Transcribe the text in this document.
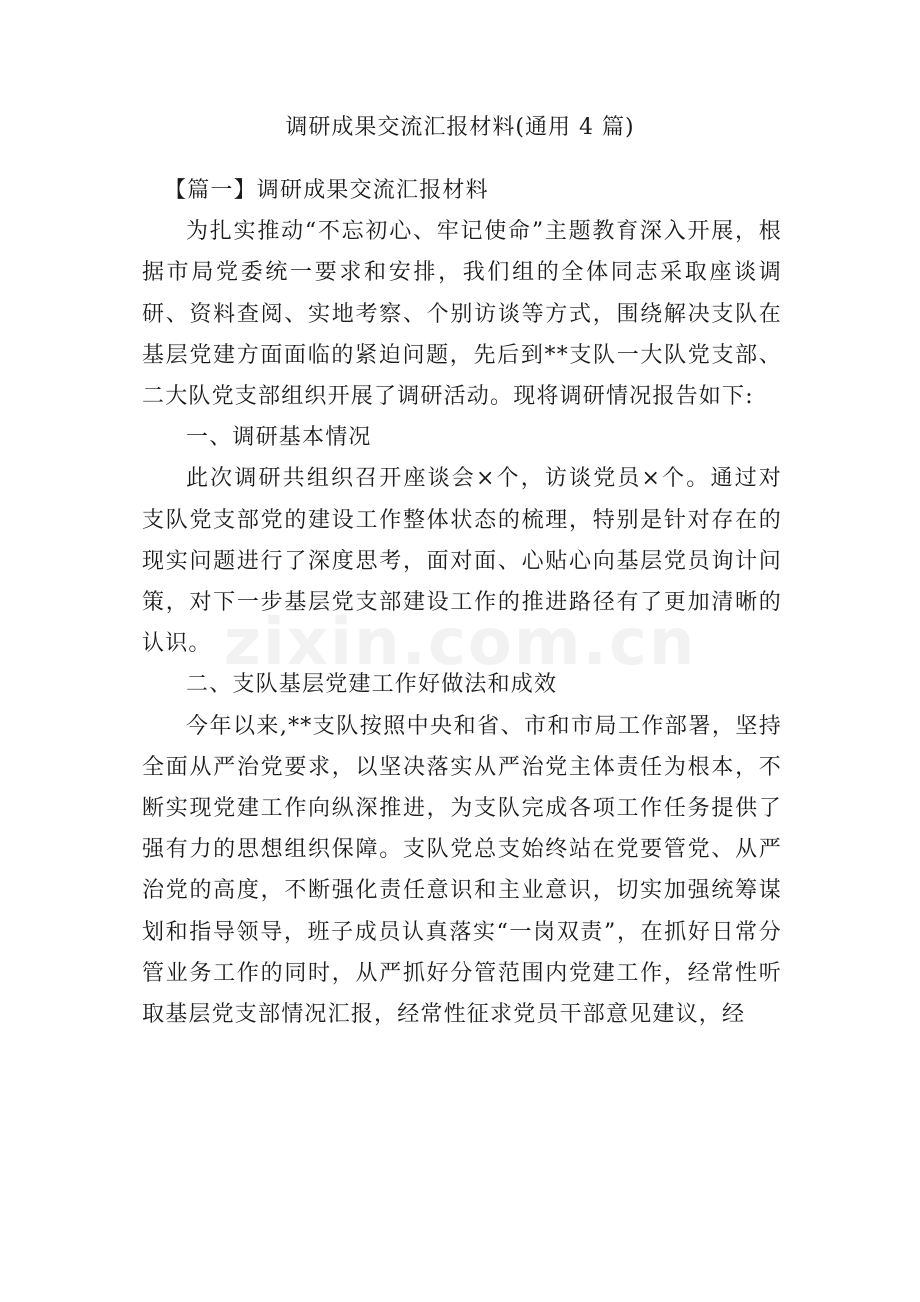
zixin.com.cn
调研成果交流汇报材料(通用 4 篇)

【篇一】调研成果交流汇报材料

为扎实推动“不忘初心、牢记使命”主题教育深入开展，根据市局党委统一要求和安排，我们组的全体同志采取座谈调研、资料查阅、实地考察、个别访谈等方式，围绕解决支队在基层党建方面面临的紧迫问题，先后到**支队一大队党支部、二大队党支部组织开展了调研活动。现将调研情况报告如下:

一、调研基本情况

此次调研共组织召开座谈会×个，访谈党员×个。通过对支队党支部党的建设工作整体状态的梳理，特别是针对存在的现实问题进行了深度思考，面对面、心贴心向基层党员询计问策，对下一步基层党支部建设工作的推进路径有了更加清晰的认识。

二、支队基层党建工作好做法和成效

今年以来,**支队按照中央和省、市和市局工作部署，坚持全面从严治党要求，以坚决落实从严治党主体责任为根本，不断实现党建工作向纵深推进，为支队完成各项工作任务提供了强有力的思想组织保障。支队党总支始终站在党要管党、从严治党的高度，不断强化责任意识和主业意识，切实加强统筹谋划和指导领导，班子成员认真落实“一岗双责”，在抓好日常分管业务工作的同时，从严抓好分管范围内党建工作，经常性听取基层党支部情况汇报，经常性征求党员干部意见建议，经
